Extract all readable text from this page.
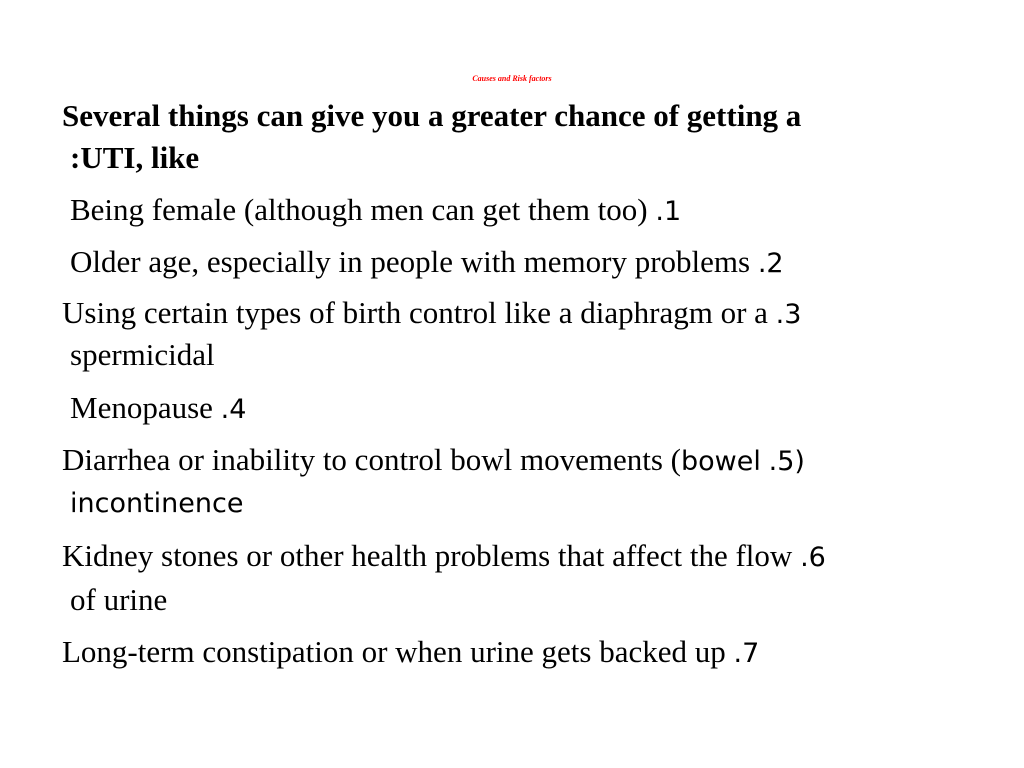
Causes and Risk factors
Several things can give you a greater chance of getting a
:UTI, like
Being female (although men can get them too) .1
Older age, especially in people with memory problems .2
Using certain types of birth control like a diaphragm or a .3
spermicidal
Menopause .4
Diarrhea or inability to control bowl movements (bowel .5)
incontinence
Kidney stones or other health problems that affect the flow .6
of urine
Long-term constipation or when urine gets backed up .7
